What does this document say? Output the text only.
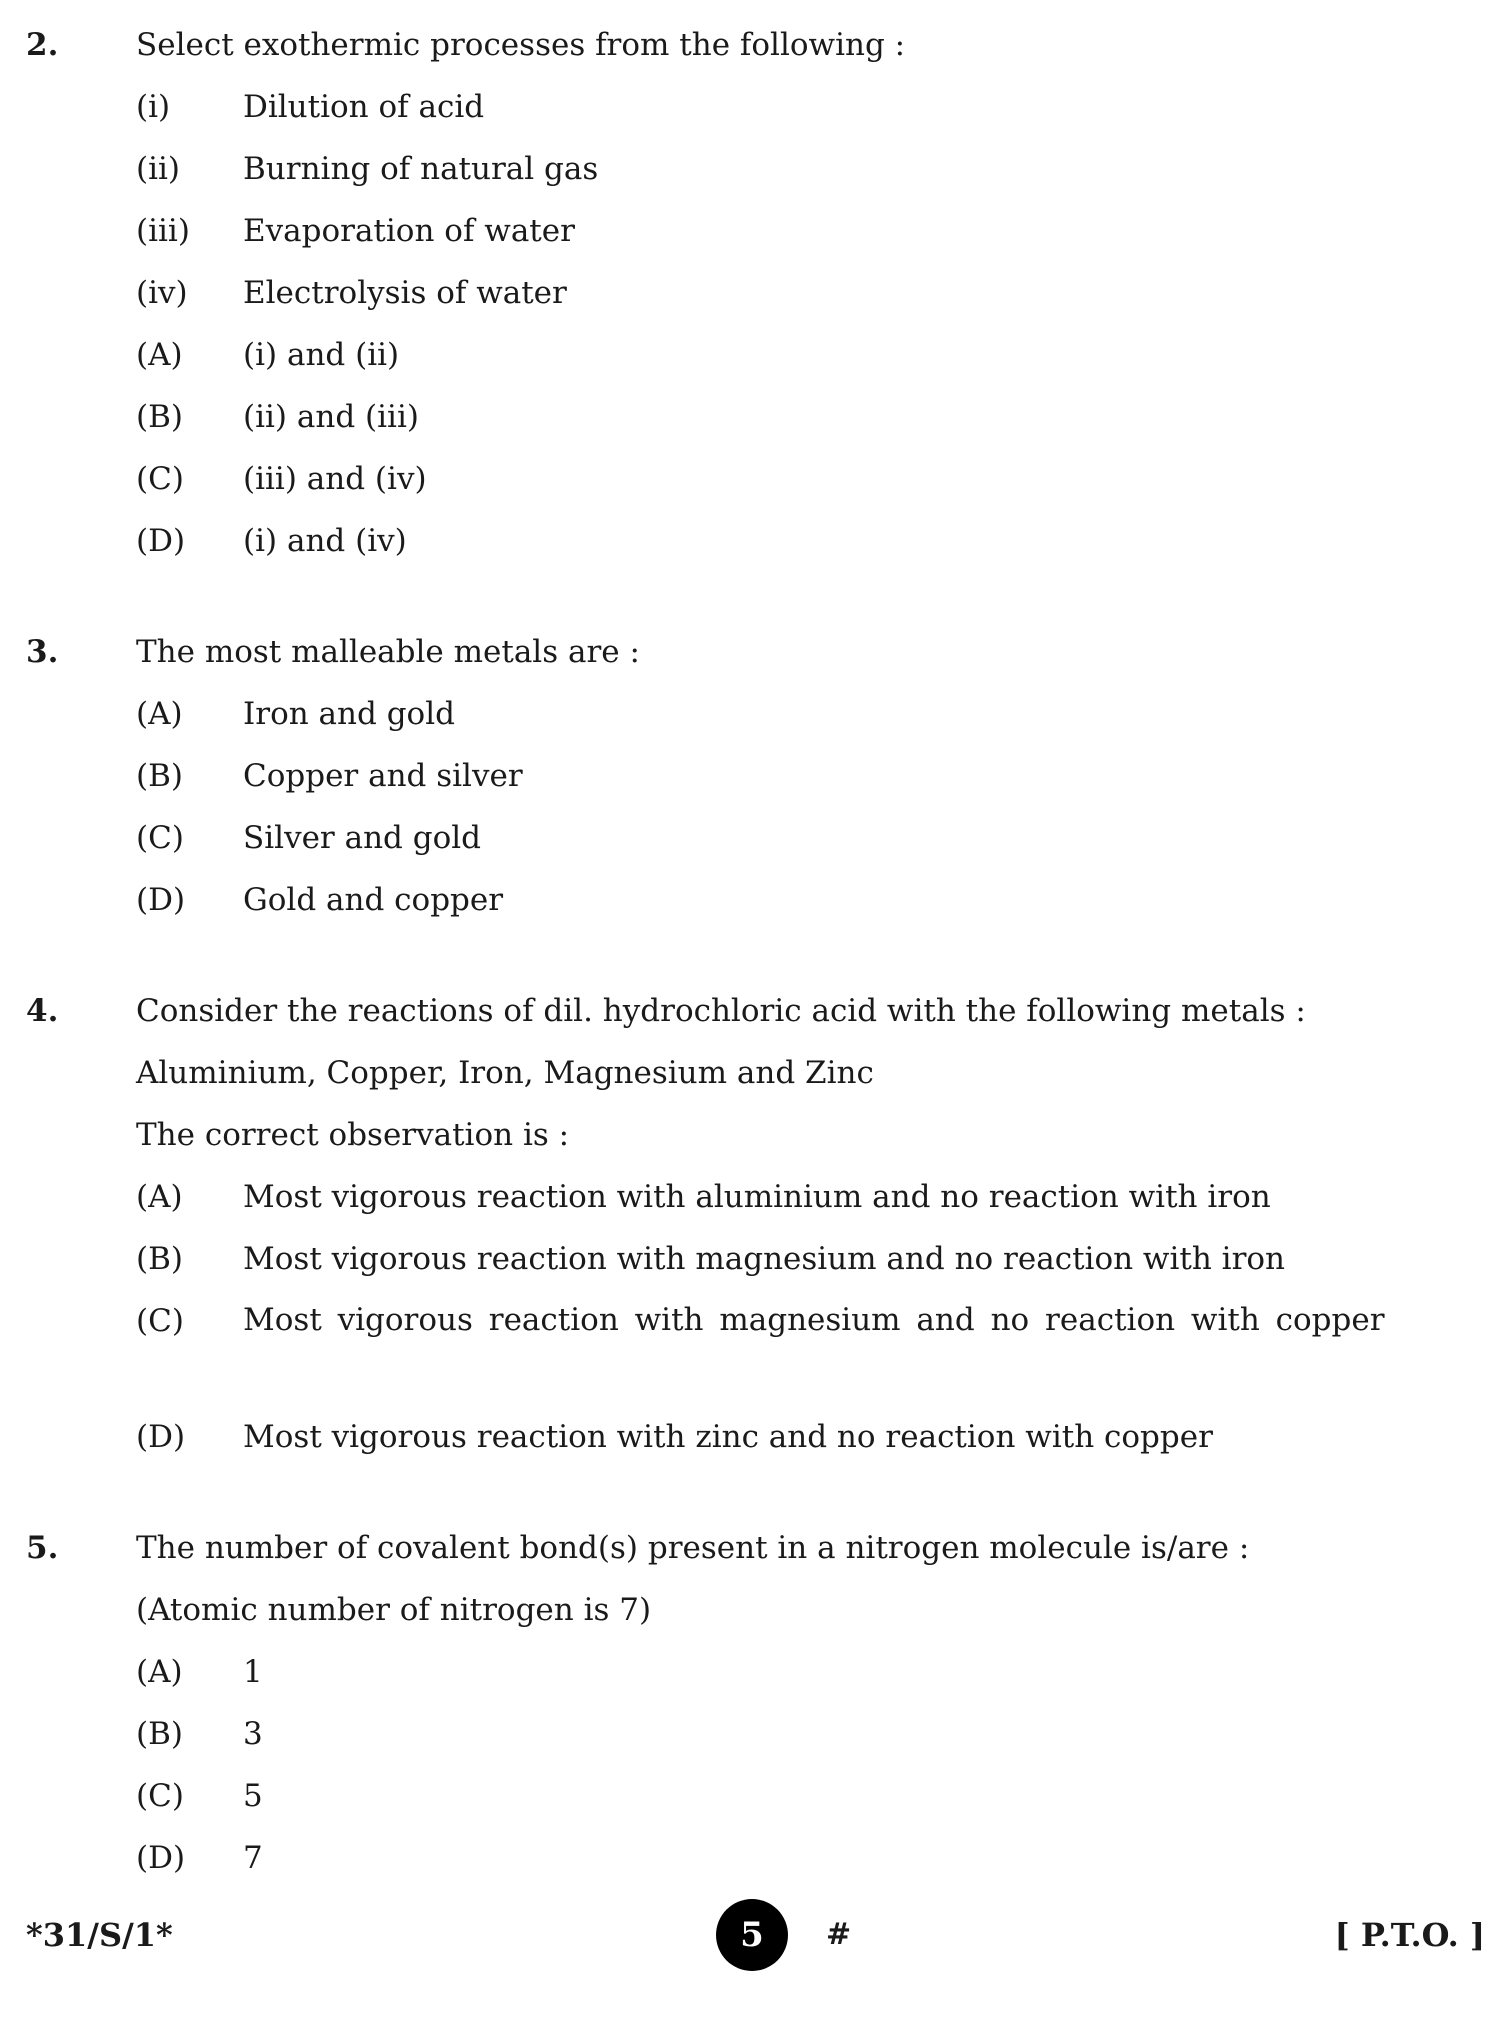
2.	Select exothermic processes from the following :
(i) Dilution of acid
(ii) Burning of natural gas
(iii) Evaporation of water
(iv) Electrolysis of water
(A) (i) and (ii)
(B) (ii) and (iii)
(C) (iii) and (iv)
(D) (i) and (iv)
3.	The most malleable metals are :
(A) Iron and gold
(B) Copper and silver
(C) Silver and gold
(D) Gold and copper
4.	Consider the reactions of dil. hydrochloric acid with the following metals :
Aluminium, Copper, Iron, Magnesium and Zinc
The correct observation is :
(A) Most vigorous reaction with aluminium and no reaction with iron
(B) Most vigorous reaction with magnesium and no reaction with iron
(C) Most vigorous reaction with magnesium and no reaction with copper
(D) Most vigorous reaction with zinc and no reaction with copper
5.	The number of covalent bond(s) present in a nitrogen molecule is/are :
(Atomic number of nitrogen is 7)
(A) 1
(B) 3
(C) 5
(D) 7
*31/S/1*	5	#	[ P.T.O. ]
